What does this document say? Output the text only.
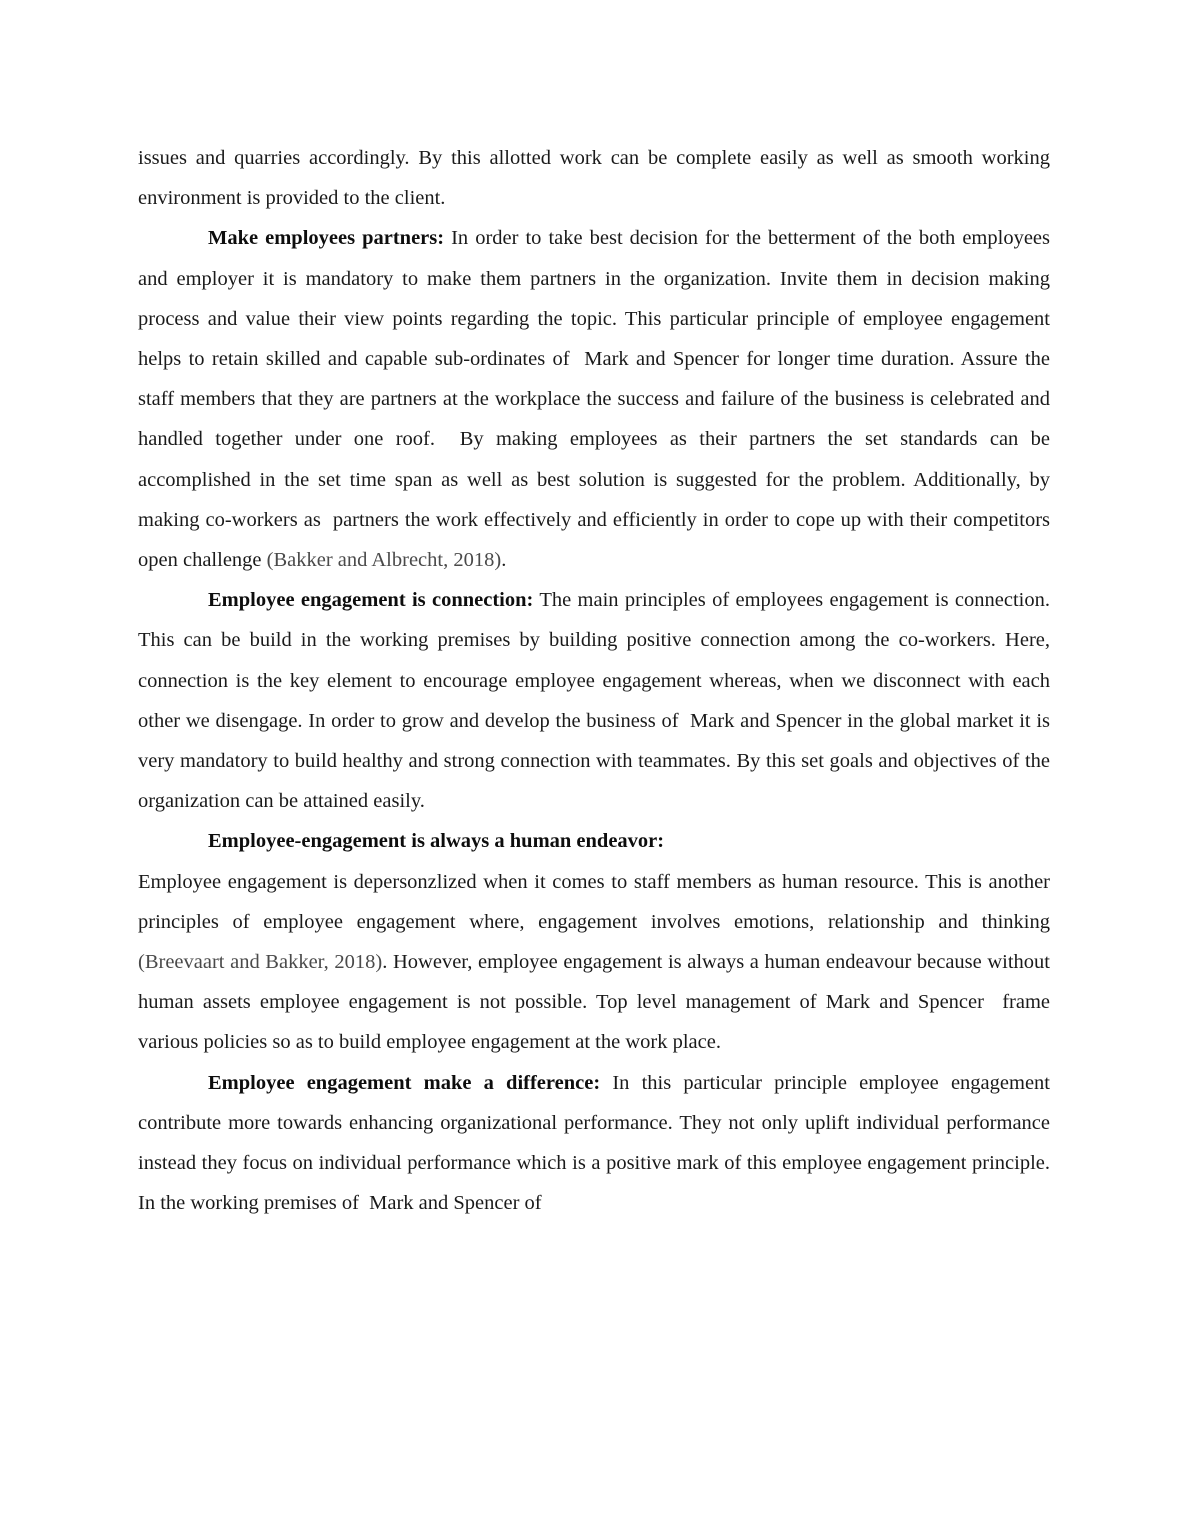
issues and quarries accordingly. By this allotted work can be complete easily as well as smooth working environment is provided to the client.

Make employees partners: In order to take best decision for the betterment of the both employees and employer it is mandatory to make them partners in the organization. Invite them in decision making process and value their view points regarding the topic. This particular principle of employee engagement helps to retain skilled and capable sub-ordinates of  Mark and Spencer for longer time duration. Assure the staff members that they are partners at the workplace the success and failure of the business is celebrated and handled together under one roof.  By making employees as their partners the set standards can be accomplished in the set time span as well as best solution is suggested for the problem. Additionally, by making co-workers as  partners the work effectively and efficiently in order to cope up with their competitors open challenge (Bakker and Albrecht, 2018).

Employee engagement is connection: The main principles of employees engagement is connection. This can be build in the working premises by building positive connection among the co-workers. Here, connection is the key element to encourage employee engagement whereas, when we disconnect with each other we disengage. In order to grow and develop the business of  Mark and Spencer in the global market it is very mandatory to build healthy and strong connection with teammates. By this set goals and objectives of the  organization can be attained easily.

Employee-engagement is always a human endeavor:

Employee engagement is depersonzlized when it comes to staff members as human resource. This is another principles of employee engagement where, engagement involves emotions, relationship and thinking (Breevaart and Bakker, 2018). However, employee engagement is always a human endeavour because without human assets employee engagement is not possible. Top level management of Mark and Spencer  frame various policies so as to build employee engagement at the work place.

Employee engagement make a difference: In this particular principle employee engagement contribute more towards enhancing organizational performance. They not only uplift individual performance instead they focus on individual performance which is a positive mark of this employee engagement principle. In the working premises of  Mark and Spencer of
